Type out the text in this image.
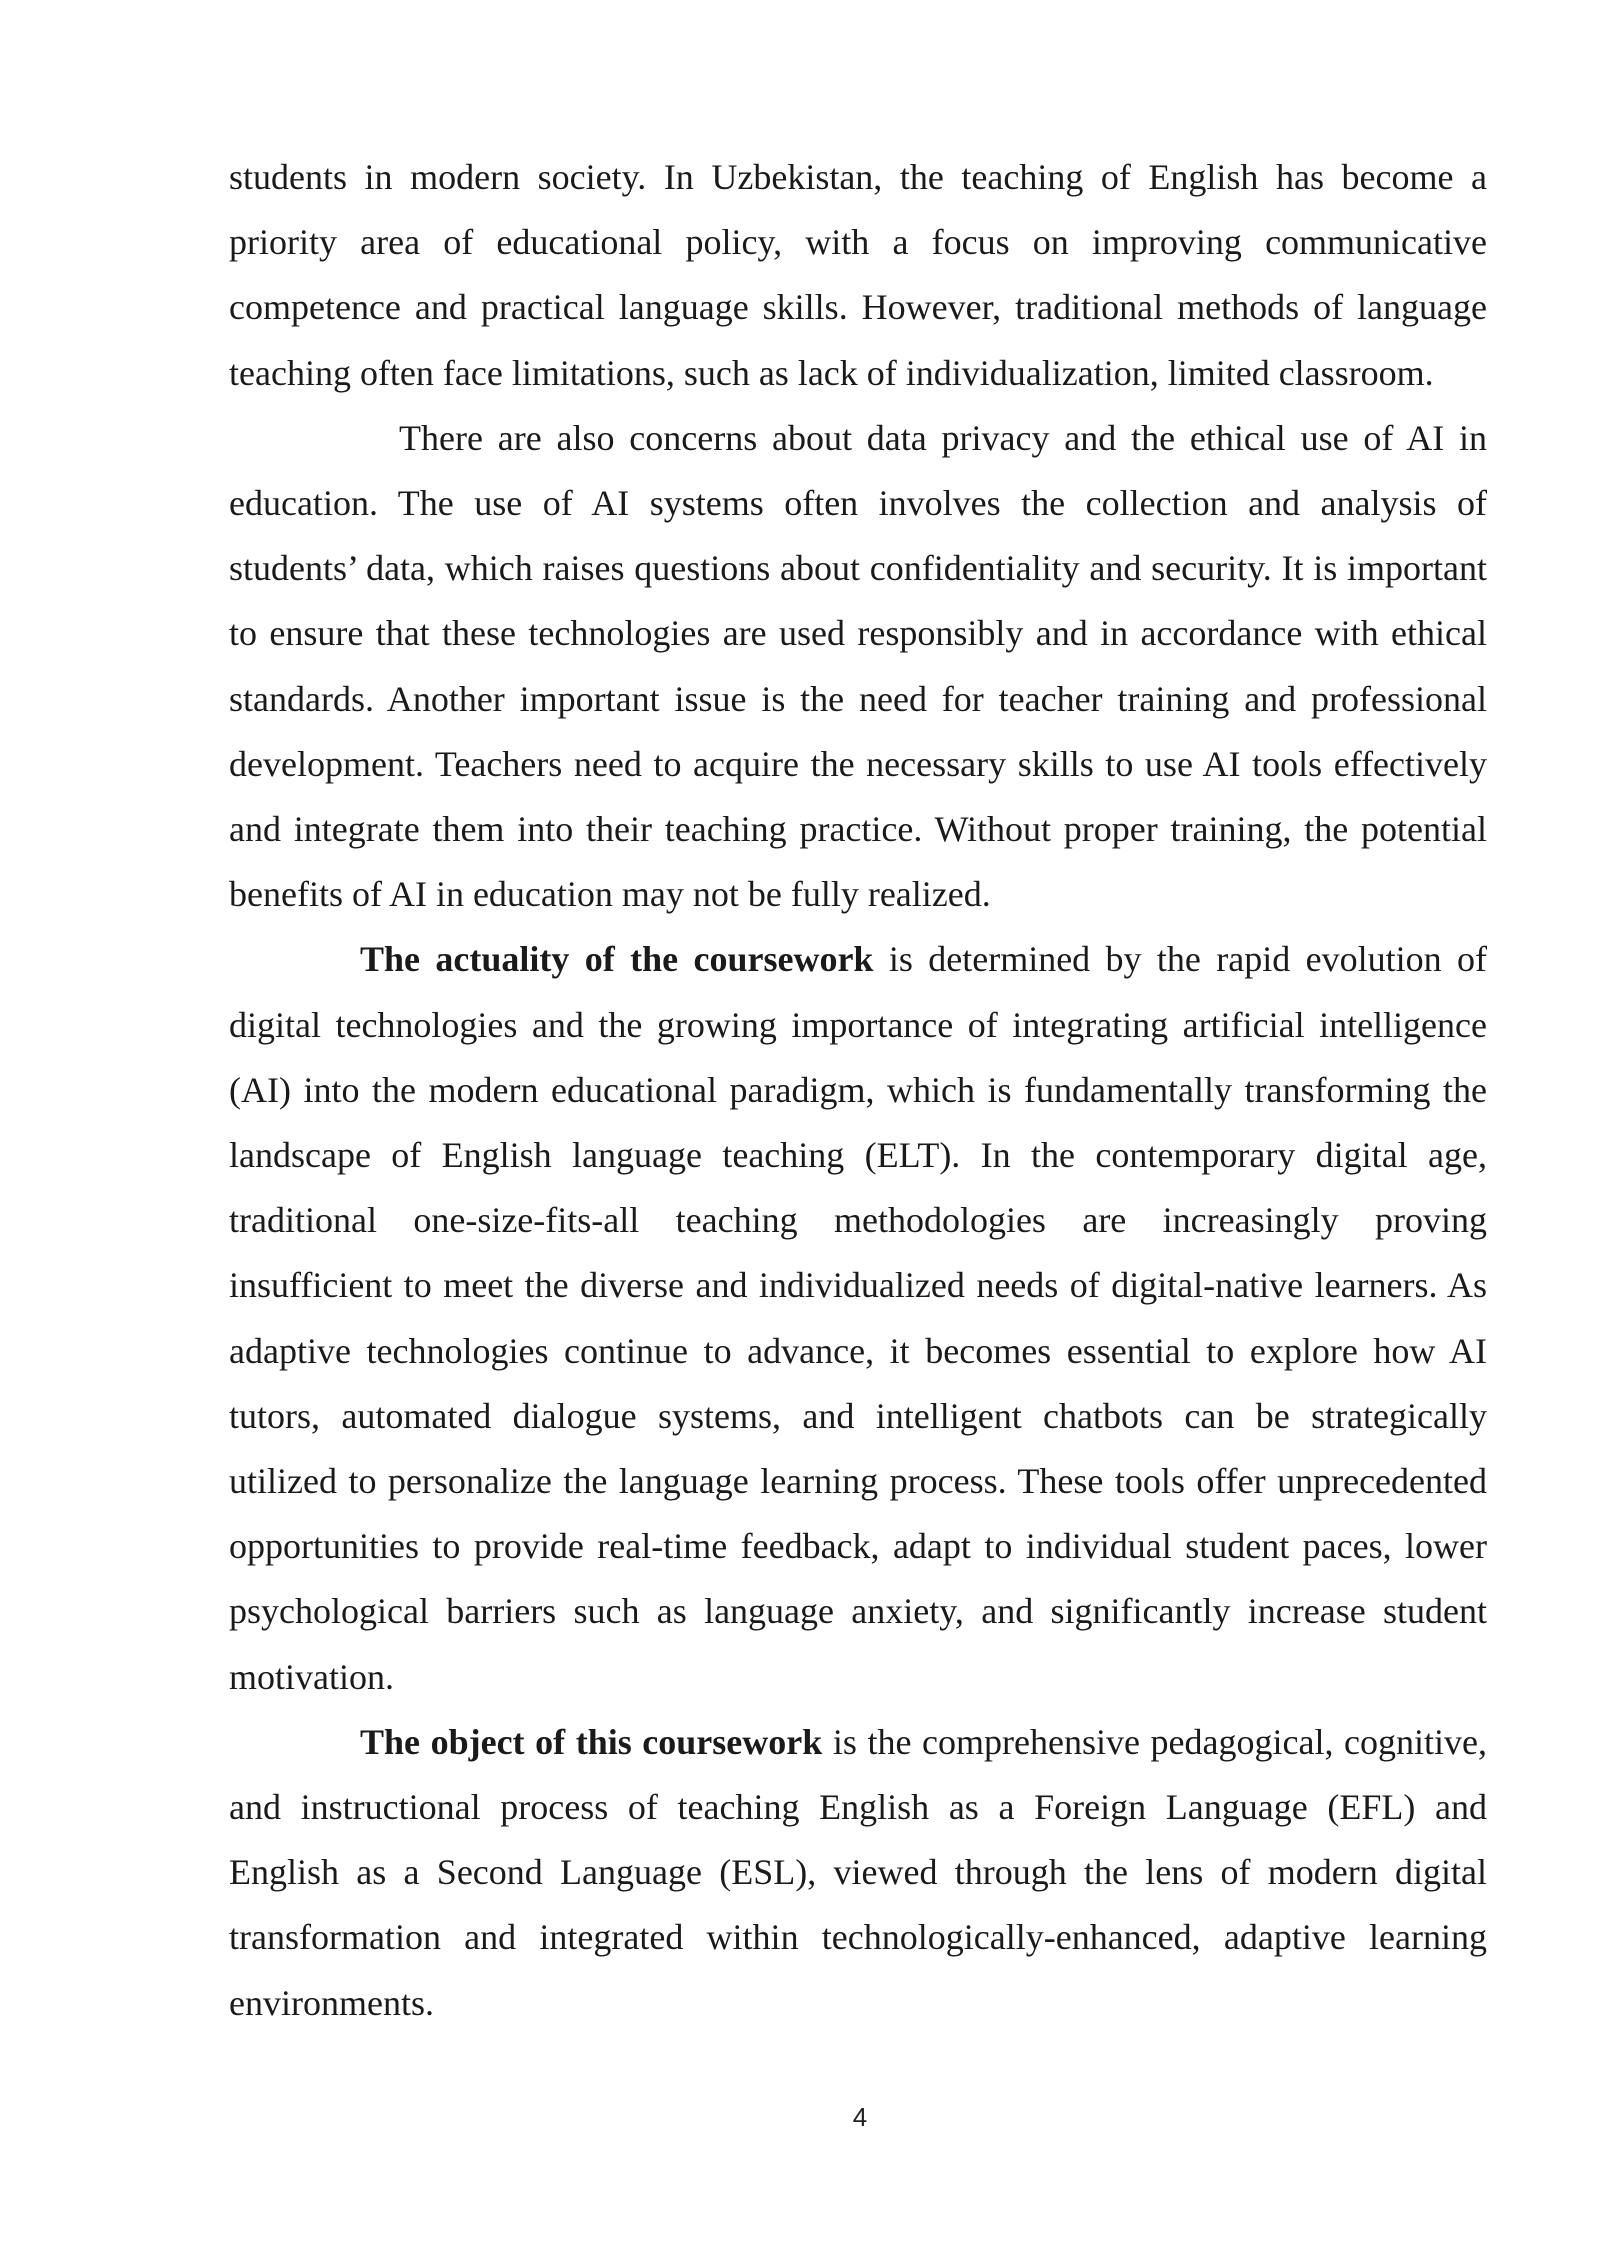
students in modern society. In Uzbekistan, the teaching of English has become a priority area of educational policy, with a focus on improving communicative competence and practical language skills. However, traditional methods of language teaching often face limitations, such as lack of individualization, limited classroom.

There are also concerns about data privacy and the ethical use of AI in education. The use of AI systems often involves the collection and analysis of students’ data, which raises questions about confidentiality and security. It is important to ensure that these technologies are used responsibly and in accordance with ethical standards. Another important issue is the need for teacher training and professional development. Teachers need to acquire the necessary skills to use AI tools effectively and integrate them into their teaching practice. Without proper training, the potential benefits of AI in education may not be fully realized.

The actuality of the coursework is determined by the rapid evolution of digital technologies and the growing importance of integrating artificial intelligence (AI) into the modern educational paradigm, which is fundamentally transforming the landscape of English language teaching (ELT). In the contemporary digital age, traditional one-size-fits-all teaching methodologies are increasingly proving insufficient to meet the diverse and individualized needs of digital-native learners. As adaptive technologies continue to advance, it becomes essential to explore how AI tutors, automated dialogue systems, and intelligent chatbots can be strategically utilized to personalize the language learning process. These tools offer unprecedented opportunities to provide real-time feedback, adapt to individual student paces, lower psychological barriers such as language anxiety, and significantly increase student motivation.

The object of this coursework is the comprehensive pedagogical, cognitive, and instructional process of teaching English as a Foreign Language (EFL) and English as a Second Language (ESL), viewed through the lens of modern digital transformation and integrated within technologically-enhanced, adaptive learning environments.

4
